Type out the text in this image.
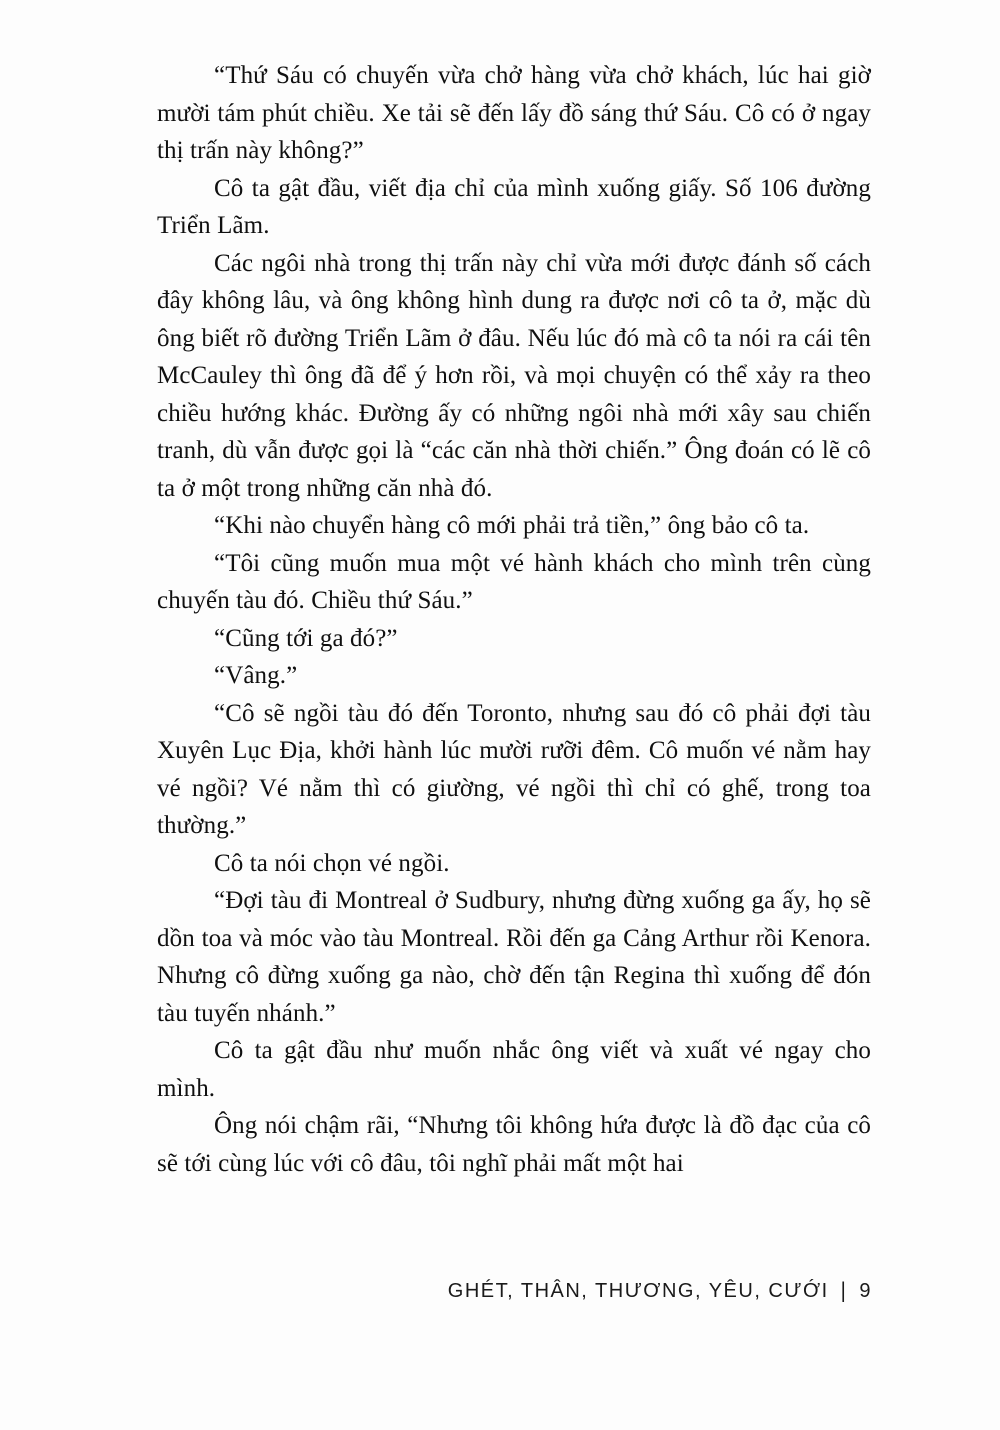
“Thứ Sáu có chuyến vừa chở hàng vừa chở khách, lúc hai giờ mười tám phút chiều. Xe tải sẽ đến lấy đồ sáng thứ Sáu. Cô có ở ngay thị trấn này không?”

Cô ta gật đầu, viết địa chỉ của mình xuống giấy. Số 106 đường Triển Lãm.

Các ngôi nhà trong thị trấn này chỉ vừa mới được đánh số cách đây không lâu, và ông không hình dung ra được nơi cô ta ở, mặc dù ông biết rõ đường Triển Lãm ở đâu. Nếu lúc đó mà cô ta nói ra cái tên McCauley thì ông đã để ý hơn rồi, và mọi chuyện có thể xảy ra theo chiều hướng khác. Đường ấy có những ngôi nhà mới xây sau chiến tranh, dù vẫn được gọi là “các căn nhà thời chiến.” Ông đoán có lẽ cô ta ở một trong những căn nhà đó.

“Khi nào chuyển hàng cô mới phải trả tiền,” ông bảo cô ta.

“Tôi cũng muốn mua một vé hành khách cho mình trên cùng chuyến tàu đó. Chiều thứ Sáu.”

“Cũng tới ga đó?”

“Vâng.”

“Cô sẽ ngồi tàu đó đến Toronto, nhưng sau đó cô phải đợi tàu Xuyên Lục Địa, khởi hành lúc mười rưỡi đêm. Cô muốn vé nằm hay vé ngồi? Vé nằm thì có giường, vé ngồi thì chỉ có ghế, trong toa thường.”

Cô ta nói chọn vé ngồi.

“Đợi tàu đi Montreal ở Sudbury, nhưng đừng xuống ga ấy, họ sẽ dồn toa và móc vào tàu Montreal. Rồi đến ga Cảng Arthur rồi Kenora. Nhưng cô đừng xuống ga nào, chờ đến tận Regina thì xuống để đón tàu tuyến nhánh.”

Cô ta gật đầu như muốn nhắc ông viết và xuất vé ngay cho mình.

Ông nói chậm rãi, “Nhưng tôi không hứa được là đồ đạc của cô sẽ tới cùng lúc với cô đâu, tôi nghĩ phải mất một hai

GHÉT, THÂN, THƯƠNG, YÊU, CƯỚI | 9
